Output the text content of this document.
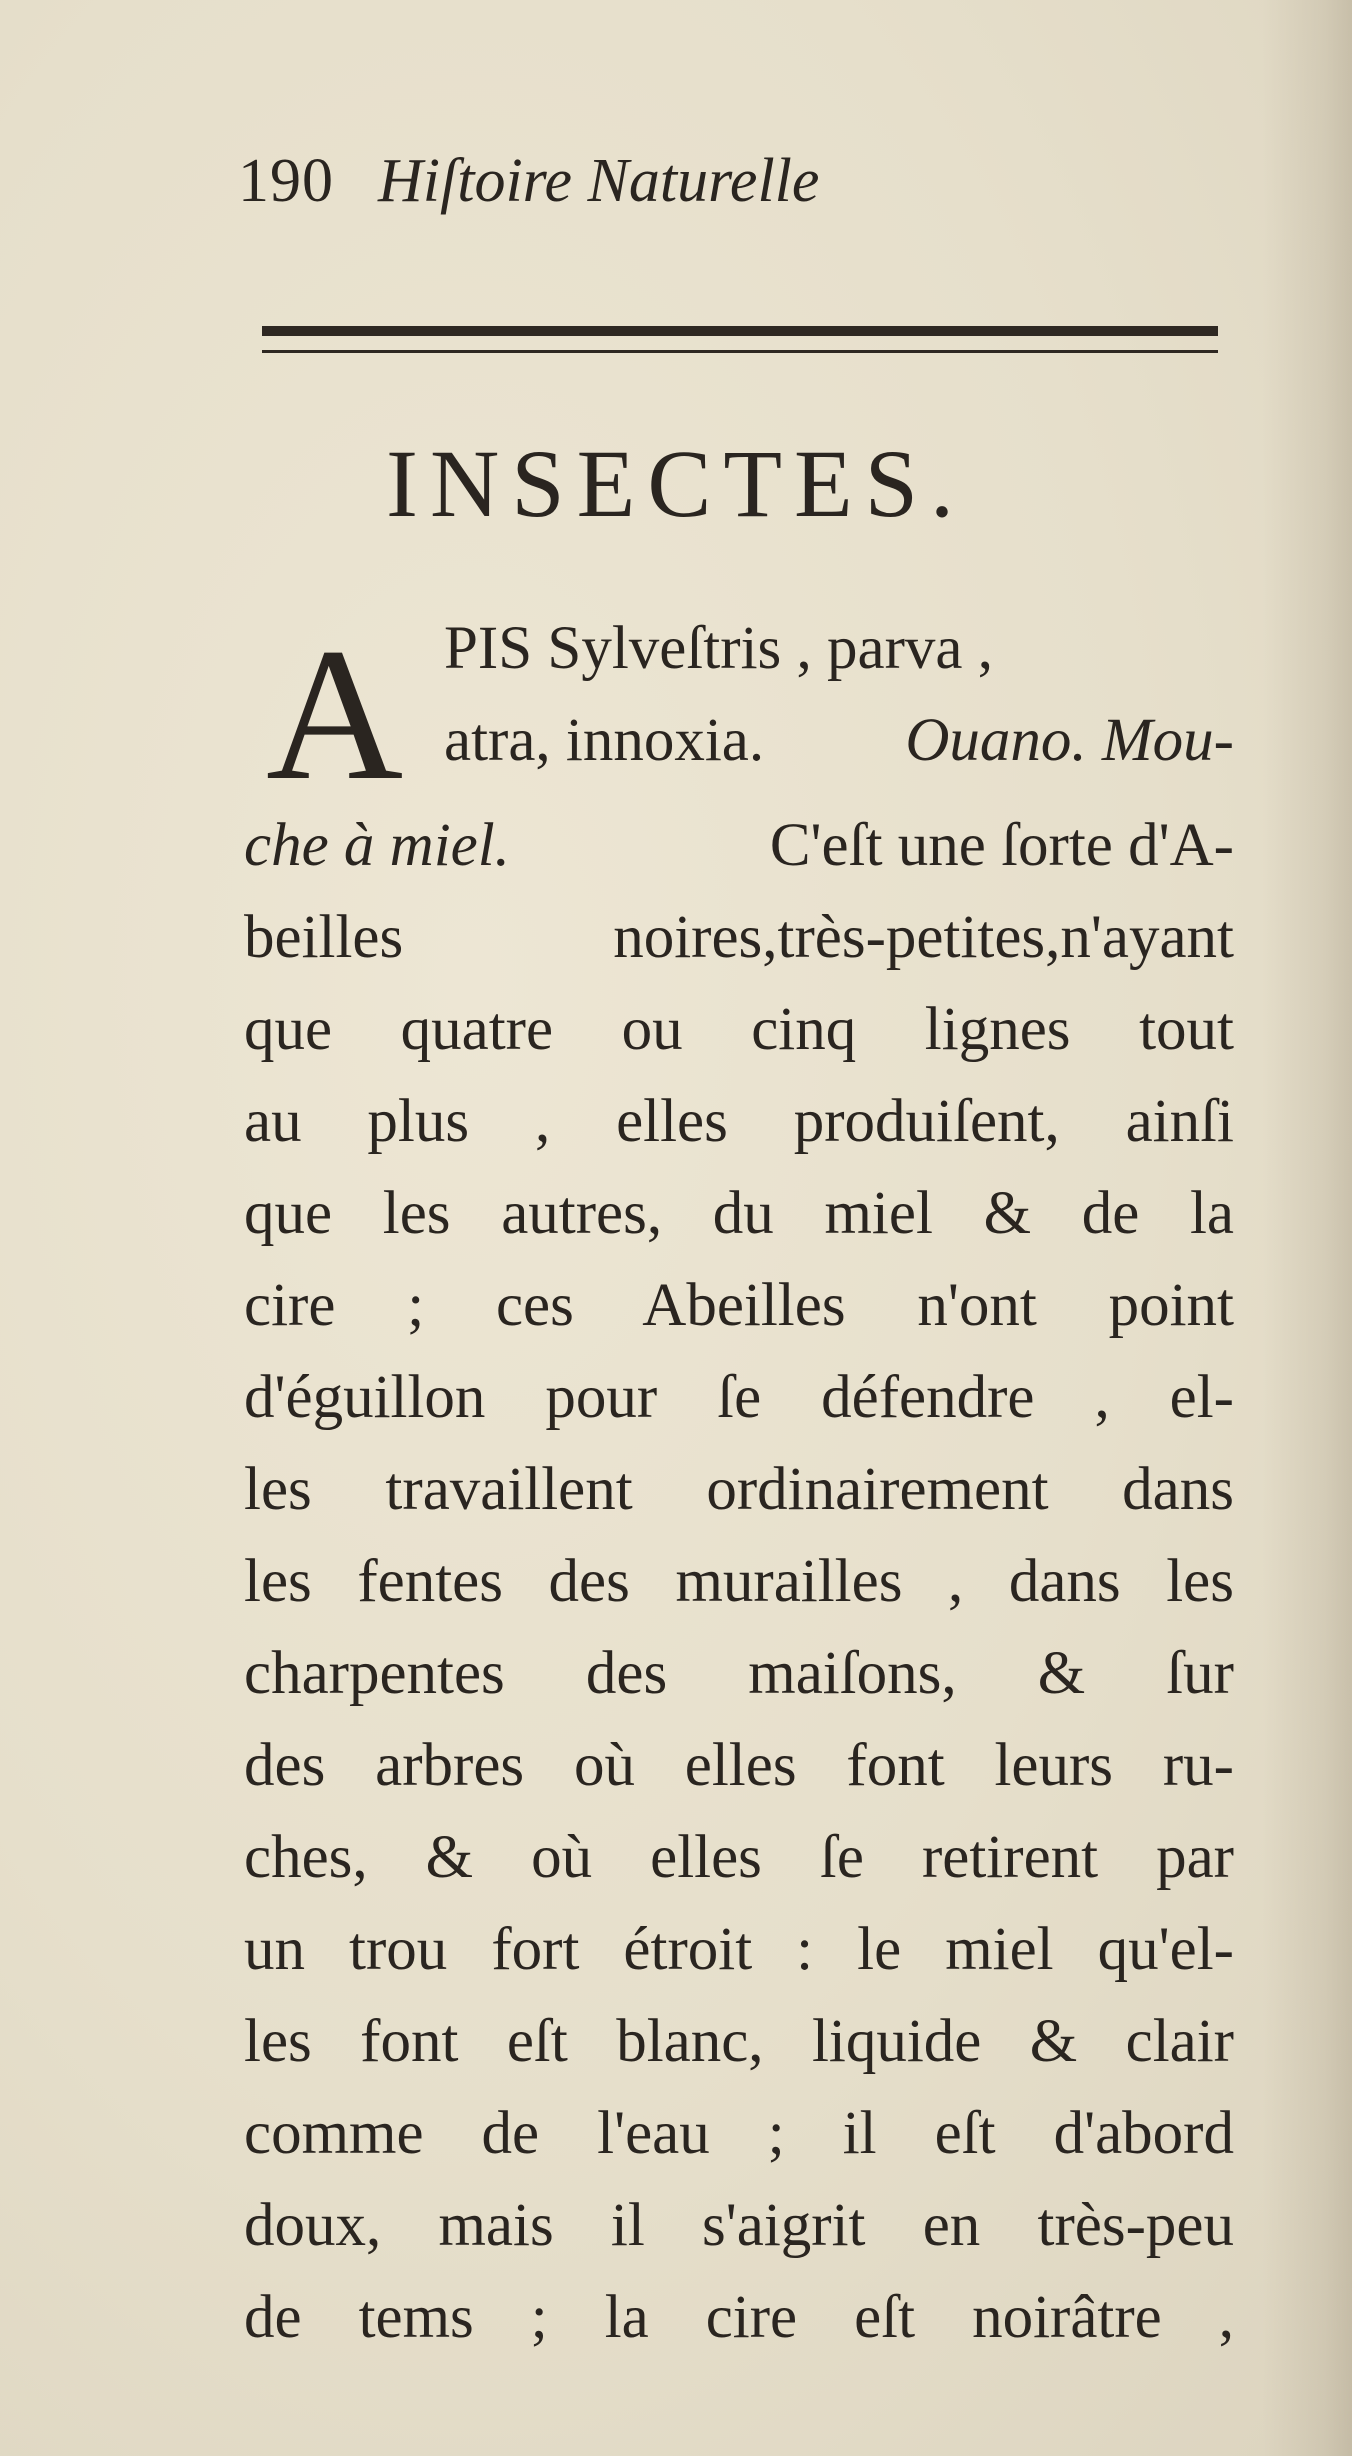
190 Hiſtoire Naturelle
INSECTES.
A PIS Sylveſtris , parva ,
atra, innoxia. Ouano. Mou-
che à miel.	C'eſt une ſorte d'A-
beilles noires,très-petites,n'ayant
que quatre ou cinq lignes tout
au plus , elles produiſent, ainſi
que les autres, du miel & de la
cire ; ces Abeilles n'ont point
d'éguillon pour ſe défendre , el-
les travaillent ordinairement dans
les fentes des murailles , dans les
charpentes des maiſons, & ſur
des arbres où elles font leurs ru-
ches, & où elles ſe retirent par
un trou fort étroit : le miel qu'el-
les font eſt blanc, liquide & clair
comme de l'eau ; il eſt d'abord
doux, mais il s'aigrit en très-peu
de tems ; la cire eſt noirâtre ,
